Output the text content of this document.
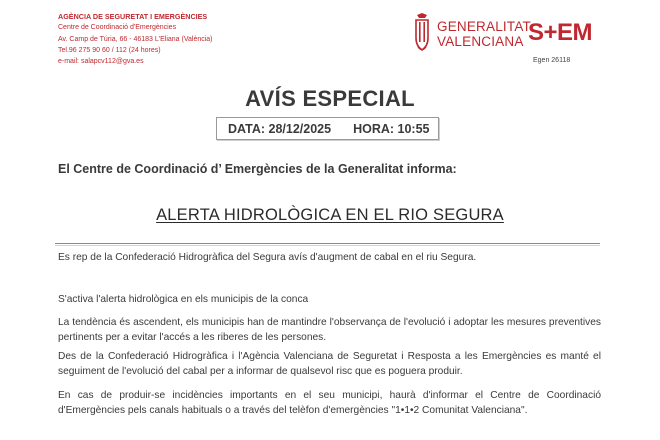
AGÈNCIA DE SEGURETAT I EMERGÈNCIES
Centre de Coordinació d'Emergències
Av. Camp de Túria, 66 - 46183 L'Eliana (València)
Tel.96 275 90 60 / 112 (24 hores)
e-mail: salapcv112@gva.es
GENERALITAT
VALENCIANA S+EM
Egen 26118
AVÍS ESPECIAL
DATA: 28/12/2025 HORA: 10:55
El Centre de Coordinació d’ Emergències de la Generalitat informa:
ALERTA HIDROLÒGICA EN EL RIO SEGURA
Es rep de la Confederació Hidrogràfica del Segura avís d'augment de cabal en el riu Segura.
S'activa l'alerta hidrològica en els municipis de la conca
La tendència és ascendent, els municipis han de mantindre l'observança de l'evolució i adoptar les mesures preventives pertinents per a evitar l'accés a les riberes de les persones.
Des de la Confederació Hidrogràfica i l'Agència Valenciana de Seguretat i Resposta a les Emergències es manté el seguiment de l'evolució del cabal per a informar de qualsevol risc que es poguera produir.
En cas de produir-se incidències importants en el seu municipi, haurà d'informar el Centre de Coordinació d'Emergències pels canals habituals o a través del telèfon d'emergències "1•1•2 Comunitat Valenciana".
